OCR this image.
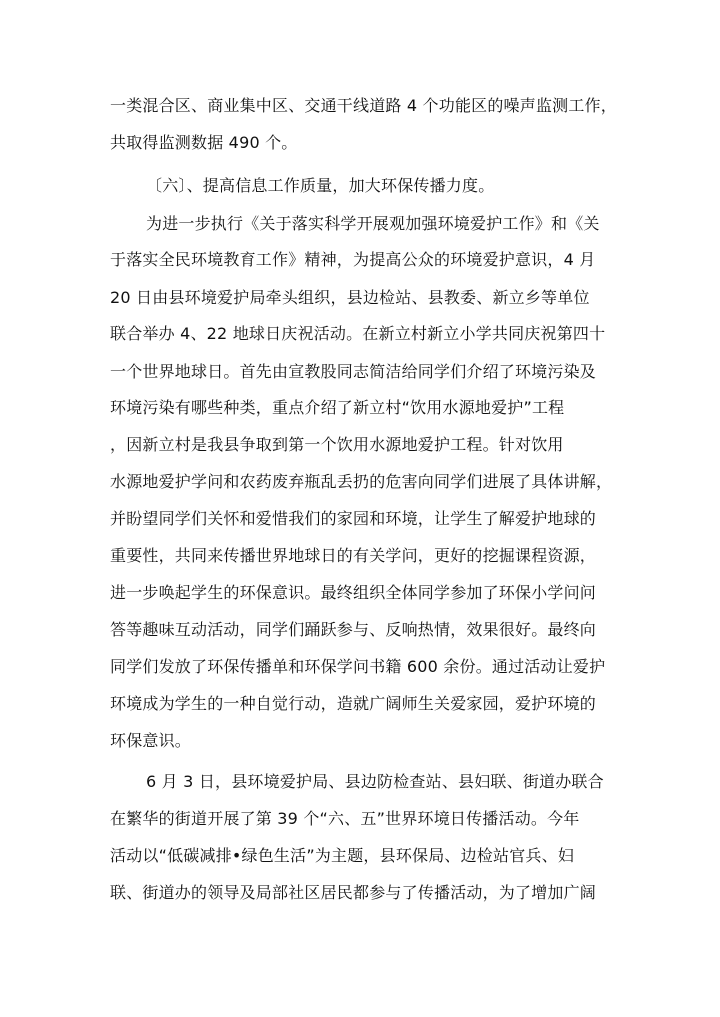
一类混合区、商业集中区、交通干线道路 4 个功能区的噪声监测工作，
共取得监测数据 490 个。
〔六〕、提高信息工作质量，加大环保传播力度。
为进一步执行《关于落实科学开展观加强环境爱护工作》和《关
于落实全民环境教育工作》精神，为提高公众的环境爱护意识，4 月
20 日由县环境爱护局牵头组织，县边检站、县教委、新立乡等单位
联合举办 4、22 地球日庆祝活动。在新立村新立小学共同庆祝第四十
一个世界地球日。首先由宣教股同志简洁给同学们介绍了环境污染及
环境污染有哪些种类，重点介绍了新立村“饮用水源地爱护”工程
，因新立村是我县争取到第一个饮用水源地爱护工程。针对饮用
水源地爱护学问和农药废弃瓶乱丢扔的危害向同学们进展了具体讲解，
并盼望同学们关怀和爱惜我们的家园和环境，让学生了解爱护地球的
重要性，共同来传播世界地球日的有关学问，更好的挖掘课程资源，
进一步唤起学生的环保意识。最终组织全体同学参加了环保小学问问
答等趣味互动活动，同学们踊跃参与、反响热情，效果很好。最终向
同学们发放了环保传播单和环保学问书籍 600 余份。通过活动让爱护
环境成为学生的一种自觉行动，造就广阔师生关爱家园，爱护环境的
环保意识。
6 月 3 日，县环境爱护局、县边防检查站、县妇联、街道办联合
在繁华的街道开展了第 39 个“六、五”世界环境日传播活动。今年
活动以“低碳减排•绿色生活”为主题，县环保局、边检站官兵、妇
联、街道办的领导及局部社区居民都参与了传播活动，为了增加广阔
